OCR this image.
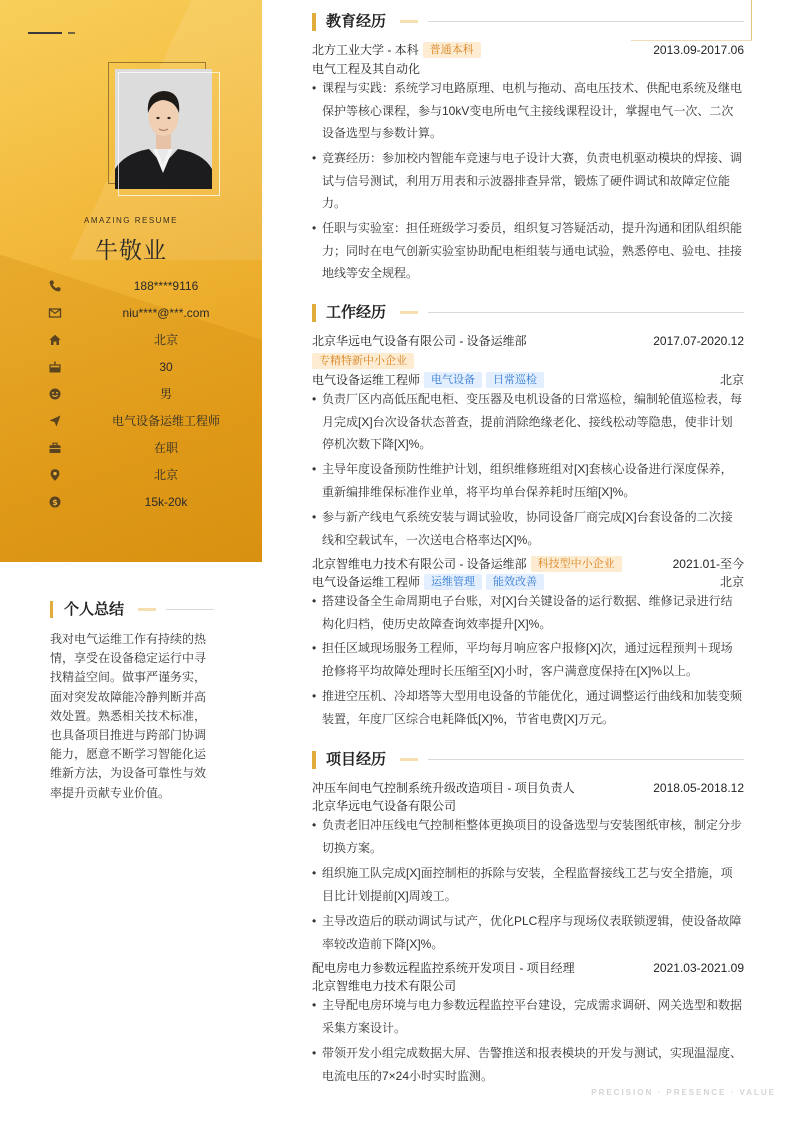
AMAZING RESUME
牛敬业
188****9116
niu****@***.com
北京
30
男
电气设备运维工程师
在职
北京
$	15k-20k
个人总结
我对电气运维工作有持续的热情，享受在设备稳定运行中寻找精益空间。做事严谨务实，面对突发故障能冷静判断并高效处置。熟悉相关技术标准，也具备项目推进与跨部门协调能力，愿意不断学习智能化运维新方法，为设备可靠性与效率提升贡献专业价值。
教育经历
北方工业大学 - 本科 普通本科	2013.09-2017.06
电气工程及其自动化
• 课程与实践：系统学习电路原理、电机与拖动、高电压技术、供配电系统及继电保护等核心课程，参与10kV变电所电气主接线课程设计，掌握电气一次、二次设备选型与参数计算。
• 竞赛经历：参加校内智能车竞速与电子设计大赛，负责电机驱动模块的焊接、调试与信号测试，利用万用表和示波器排查异常，锻炼了硬件调试和故障定位能力。
• 任职与实验室：担任班级学习委员，组织复习答疑活动，提升沟通和团队组织能力；同时在电气创新实验室协助配电柜组装与通电试验，熟悉停电、验电、挂接地线等安全规程。
工作经历
北京华远电气设备有限公司 - 设备运维部	2017.07-2020.12
专精特新中小企业
电气设备运维工程师 电气设备 日常巡检	北京
• 负责厂区内高低压配电柜、变压器及电机设备的日常巡检，编制轮值巡检表，每月完成[X]台次设备状态普查，提前消除绝缘老化、接线松动等隐患，使非计划停机次数下降[X]%。
• 主导年度设备预防性维护计划，组织维修班组对[X]套核心设备进行深度保养，重新编排维保标准作业单，将平均单台保养耗时压缩[X]%。
• 参与新产线电气系统安装与调试验收，协同设备厂商完成[X]台套设备的二次接线和空载试车，一次送电合格率达[X]%。
北京智维电力技术有限公司 - 设备运维部 科技型中小企业	2021.01-至今
电气设备运维工程师 运维管理 能效改善	北京
• 搭建设备全生命周期电子台账，对[X]台关键设备的运行数据、维修记录进行结构化归档，使历史故障查询效率提升[X]%。
• 担任区域现场服务工程师，平均每月响应客户报修[X]次，通过远程预判＋现场抢修将平均故障处理时长压缩至[X]小时，客户满意度保持在[X]%以上。
• 推进空压机、冷却塔等大型用电设备的节能优化，通过调整运行曲线和加装变频装置，年度厂区综合电耗降低[X]%，节省电费[X]万元。
项目经历
冲压车间电气控制系统升级改造项目 - 项目负责人	2018.05-2018.12
北京华远电气设备有限公司
• 负责老旧冲压线电气控制柜整体更换项目的设备选型与安装图纸审核，制定分步切换方案。
• 组织施工队完成[X]面控制柜的拆除与安装，全程监督接线工艺与安全措施，项目比计划提前[X]周竣工。
• 主导改造后的联动调试与试产，优化PLC程序与现场仪表联锁逻辑，使设备故障率较改造前下降[X]%。
配电房电力参数远程监控系统开发项目 - 项目经理	2021.03-2021.09
北京智维电力技术有限公司
• 主导配电房环境与电力参数远程监控平台建设，完成需求调研、网关选型和数据采集方案设计。
• 带领开发小组完成数据大屏、告警推送和报表模块的开发与测试，实现温湿度、电流电压的7×24小时实时监测。
PRECISION · PRESENCE · VALUE
